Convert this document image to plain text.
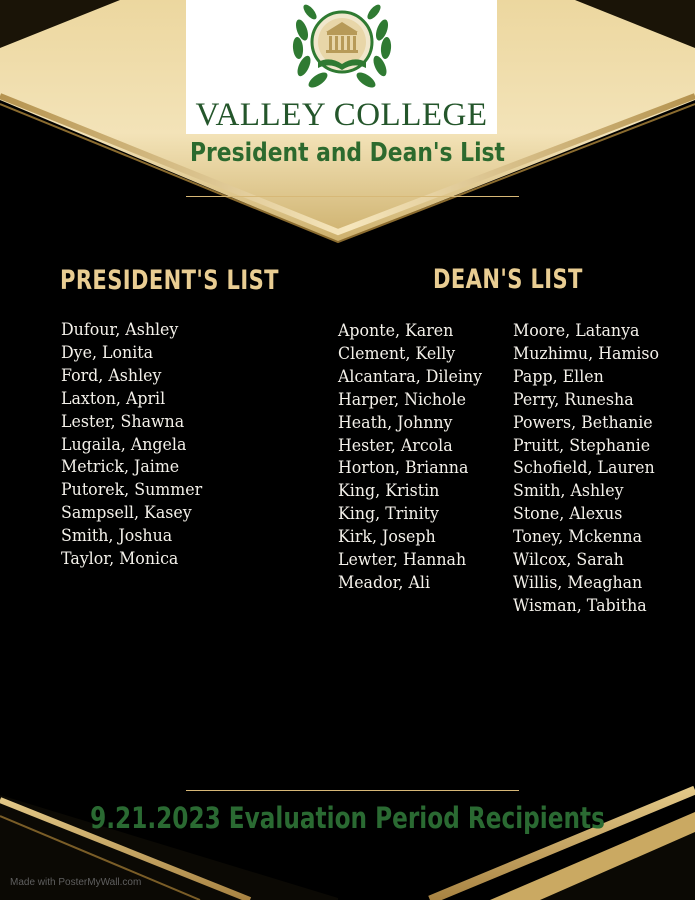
VALLEY COLLEGE
President and Dean's List
PRESIDENT'S LIST	DEAN'S LIST
Dufour, Ashley
Dye, Lonita
Ford, Ashley
Laxton, April
Lester, Shawna
Lugaila, Angela
Metrick, Jaime
Putorek, Summer
Sampsell, Kasey
Smith, Joshua
Taylor, Monica
Aponte, Karen
Clement, Kelly
Alcantara, Dileiny
Harper, Nichole
Heath, Johnny
Hester, Arcola
Horton, Brianna
King, Kristin
King, Trinity
Kirk, Joseph
Lewter, Hannah
Meador, Ali
Moore, Latanya
Muzhimu, Hamiso
Papp, Ellen
Perry, Runesha
Powers, Bethanie
Pruitt, Stephanie
Schofield, Lauren
Smith, Ashley
Stone, Alexus
Toney, Mckenna
Wilcox, Sarah
Willis, Meaghan
Wisman, Tabitha
9.21.2023 Evaluation Period Recipients
Made with PosterMyWall.com
